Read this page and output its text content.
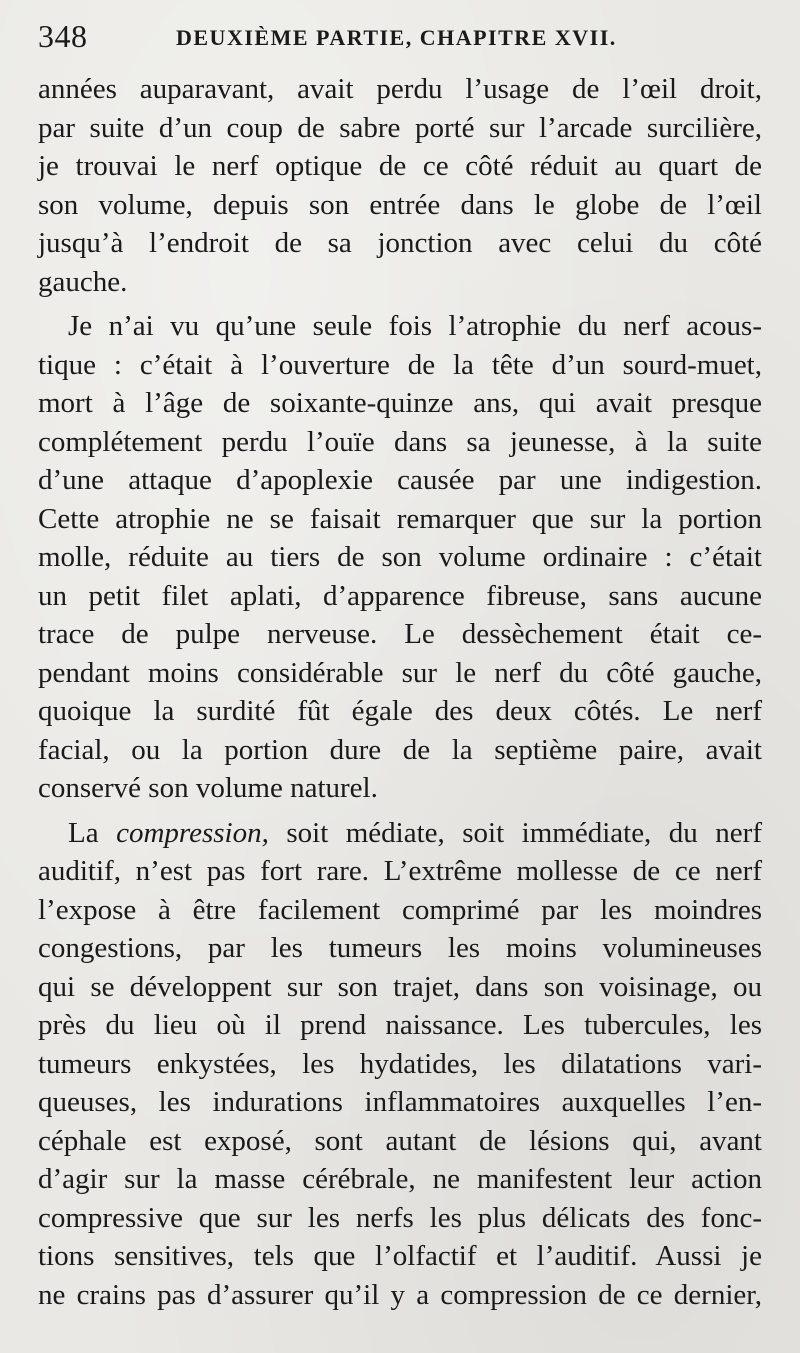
348	DEUXIÈME PARTIE, CHAPITRE XVII.
années auparavant, avait perdu l’usage de l’œil droit,
par suite d’un coup de sabre porté sur l’arcade surcilière,
je trouvai le nerf optique de ce côté réduit au quart de
son volume, depuis son entrée dans le globe de l’œil
jusqu’à l’endroit de sa jonction avec celui du côté
gauche.
Je n’ai vu qu’une seule fois l’atrophie du nerf acous-
tique : c’était à l’ouverture de la tête d’un sourd-muet,
mort à l’âge de soixante-quinze ans, qui avait presque
complétement perdu l’ouïe dans sa jeunesse, à la suite
d’une attaque d’apoplexie causée par une indigestion.
Cette atrophie ne se faisait remarquer que sur la portion
molle, réduite au tiers de son volume ordinaire : c’était
un petit filet aplati, d’apparence fibreuse, sans aucune
trace de pulpe nerveuse. Le dessèchement était ce-
pendant moins considérable sur le nerf du côté gauche,
quoique la surdité fût égale des deux côtés. Le nerf
facial, ou la portion dure de la septième paire, avait
conservé son volume naturel.
La compression, soit médiate, soit immédiate, du nerf
auditif, n’est pas fort rare. L’extrême mollesse de ce nerf
l’expose à être facilement comprimé par les moindres
congestions, par les tumeurs les moins volumineuses
qui se développent sur son trajet, dans son voisinage, ou
près du lieu où il prend naissance. Les tubercules, les
tumeurs enkystées, les hydatides, les dilatations vari-
queuses, les indurations inflammatoires auxquelles l’en-
céphale est exposé, sont autant de lésions qui, avant
d’agir sur la masse cérébrale, ne manifestent leur action
compressive que sur les nerfs les plus délicats des fonc-
tions sensitives, tels que l’olfactif et l’auditif. Aussi je
ne crains pas d’assurer qu’il y a compression de ce dernier,
